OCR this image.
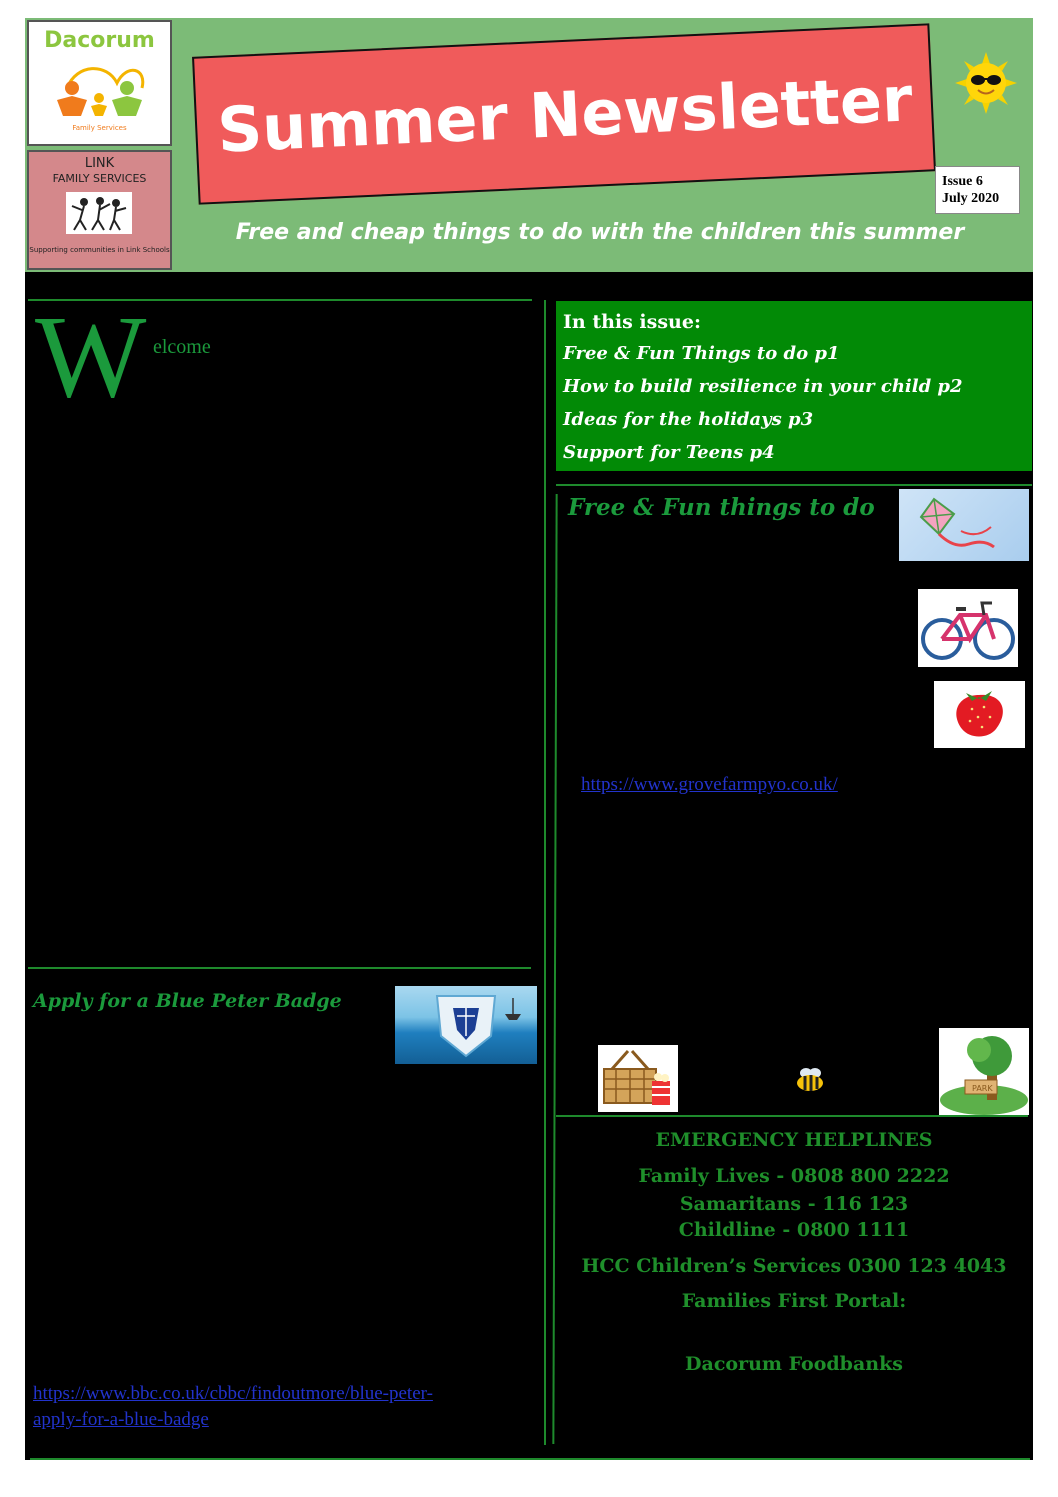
Dacorum
Family Services
LINK
FAMILY SERVICES
Supporting communities in Link Schools
Summer Newsletter
Issue 6
July 2020
Free and cheap things to do with the children this summer
W elcome
In this issue:
Free & Fun Things to do p1
How to build resilience in your child p2
Ideas for the holidays p3
Support for Teens p4
Free & Fun things to do
https://www.grovefarmpyo.co.uk/
PARK
Apply for a Blue Peter Badge
https://www.bbc.co.uk/cbbc/findoutmore/blue-peter-
apply-for-a-blue-badge
EMERGENCY HELPLINES
Family Lives - 0808 800 2222
Samaritans - 116 123
Childline - 0800 1111
HCC Children’s Services 0300 123 4043
Families First Portal:
Dacorum Foodbanks
